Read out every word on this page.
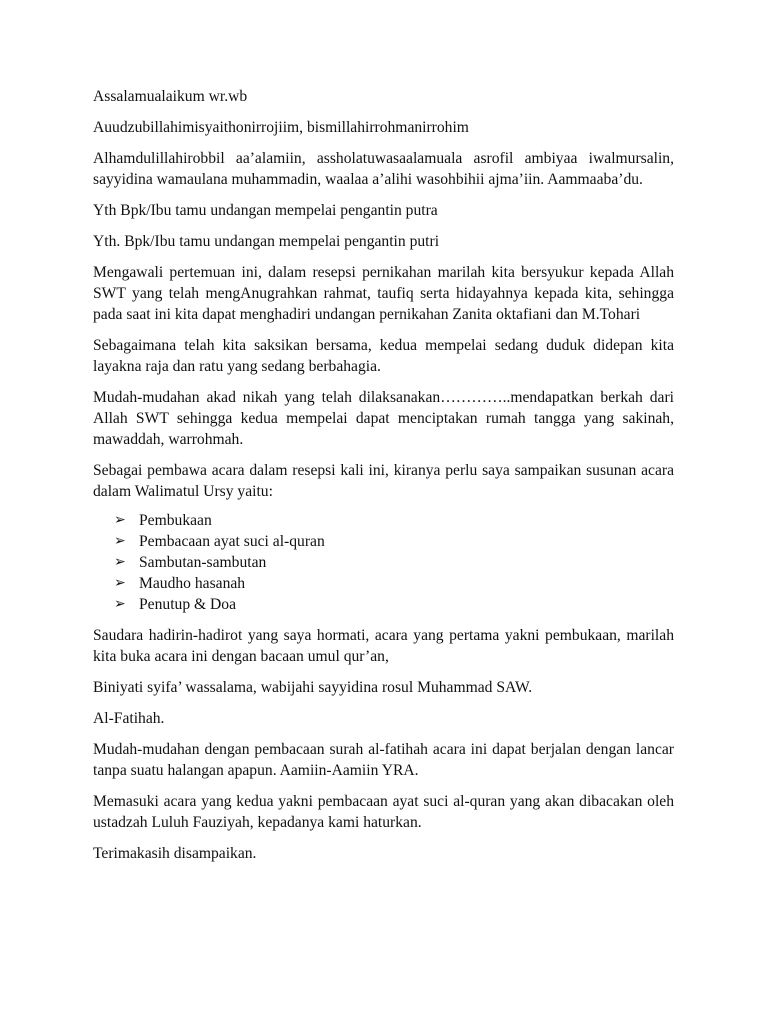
Assalamualaikum wr.wb

Auudzubillahimisyaithonirrojiim, bismillahirrohmanirrohim

Alhamdulillahirobbil aa’alamiin, assholatuwasaalamuala asrofil ambiyaa iwalmursalin, sayyidina wamaulana muhammadin, waalaa a’alihi wasohbihii ajma’iin. Aammaaba’du.

Yth Bpk/Ibu tamu undangan mempelai pengantin putra

Yth. Bpk/Ibu tamu undangan mempelai pengantin putri

Mengawali pertemuan ini, dalam resepsi pernikahan marilah kita bersyukur kepada Allah SWT yang telah mengAnugrahkan rahmat, taufiq serta hidayahnya kepada kita, sehingga pada saat ini kita dapat menghadiri undangan pernikahan Zanita oktafiani dan M.Tohari

Sebagaimana telah kita saksikan bersama, kedua mempelai sedang duduk didepan kita layakna raja dan ratu yang sedang berbahagia.

Mudah-mudahan akad nikah yang telah dilaksanakan…………..mendapatkan berkah dari Allah SWT sehingga kedua mempelai dapat menciptakan rumah tangga yang sakinah, mawaddah, warrohmah.

Sebagai pembawa acara dalam resepsi kali ini, kiranya perlu saya sampaikan susunan acara dalam Walimatul Ursy yaitu:

➢ Pembukaan
➢ Pembacaan ayat suci al-quran
➢ Sambutan-sambutan
➢ Maudho hasanah
➢ Penutup & Doa

Saudara hadirin-hadirot yang saya hormati, acara yang pertama yakni pembukaan, marilah kita buka acara ini dengan bacaan umul qur’an,

Biniyati syifa’ wassalama, wabijahi sayyidina rosul Muhammad SAW.

Al-Fatihah.

Mudah-mudahan dengan pembacaan surah al-fatihah acara ini dapat berjalan dengan lancar tanpa suatu halangan apapun. Aamiin-Aamiin YRA.

Memasuki acara yang kedua yakni pembacaan ayat suci al-quran yang akan dibacakan oleh ustadzah Luluh Fauziyah, kepadanya kami haturkan.

Terimakasih disampaikan.
